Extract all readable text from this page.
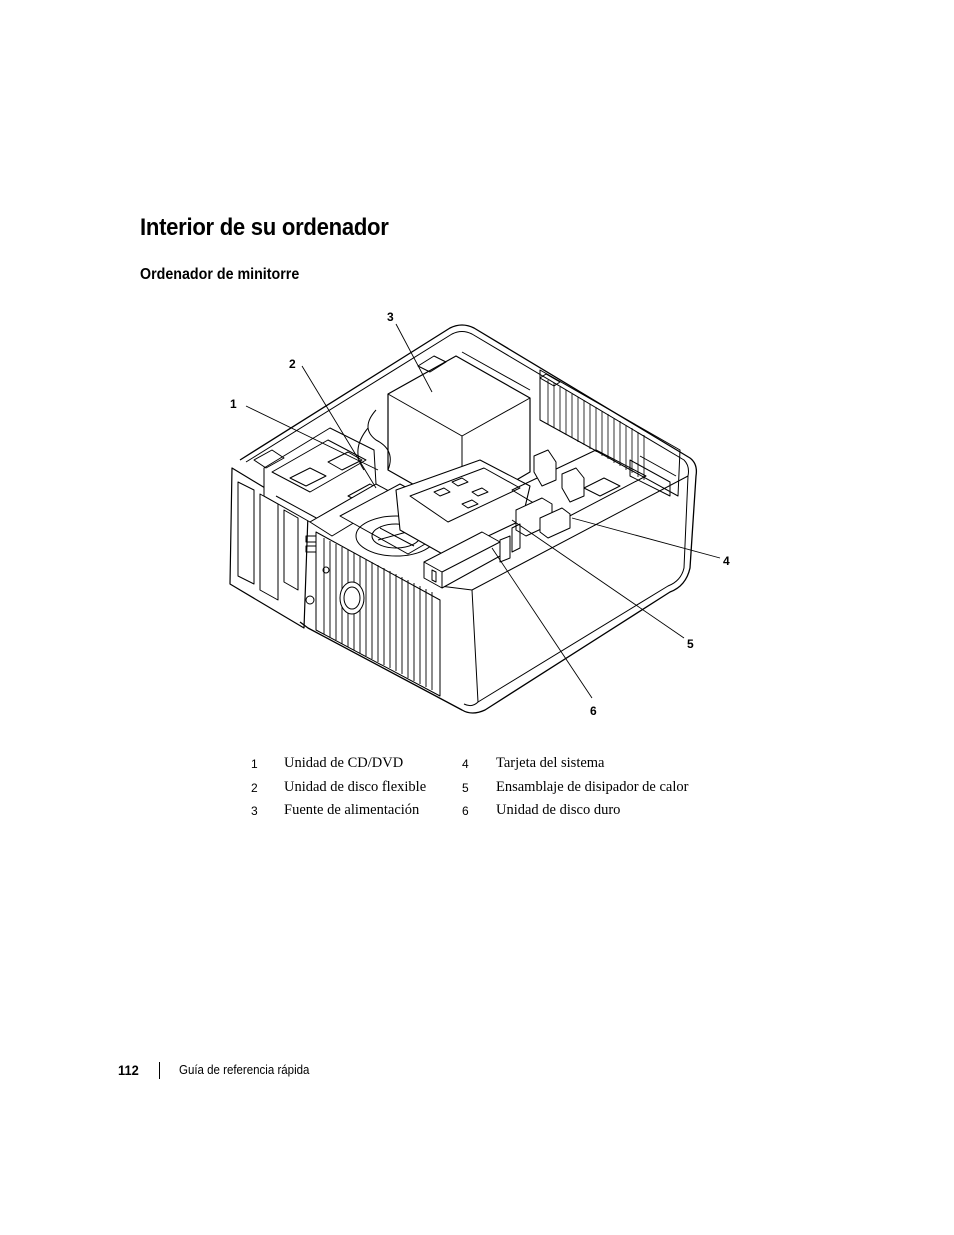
Interior de su ordenador
Ordenador de minitorre
1
2
3
4
5
6
1 Unidad de CD/DVD	4 Tarjeta del sistema
2 Unidad de disco flexible	5 Ensamblaje de disipador de calor
3 Fuente de alimentación	6 Unidad de disco duro
112	Guía de referencia rápida
